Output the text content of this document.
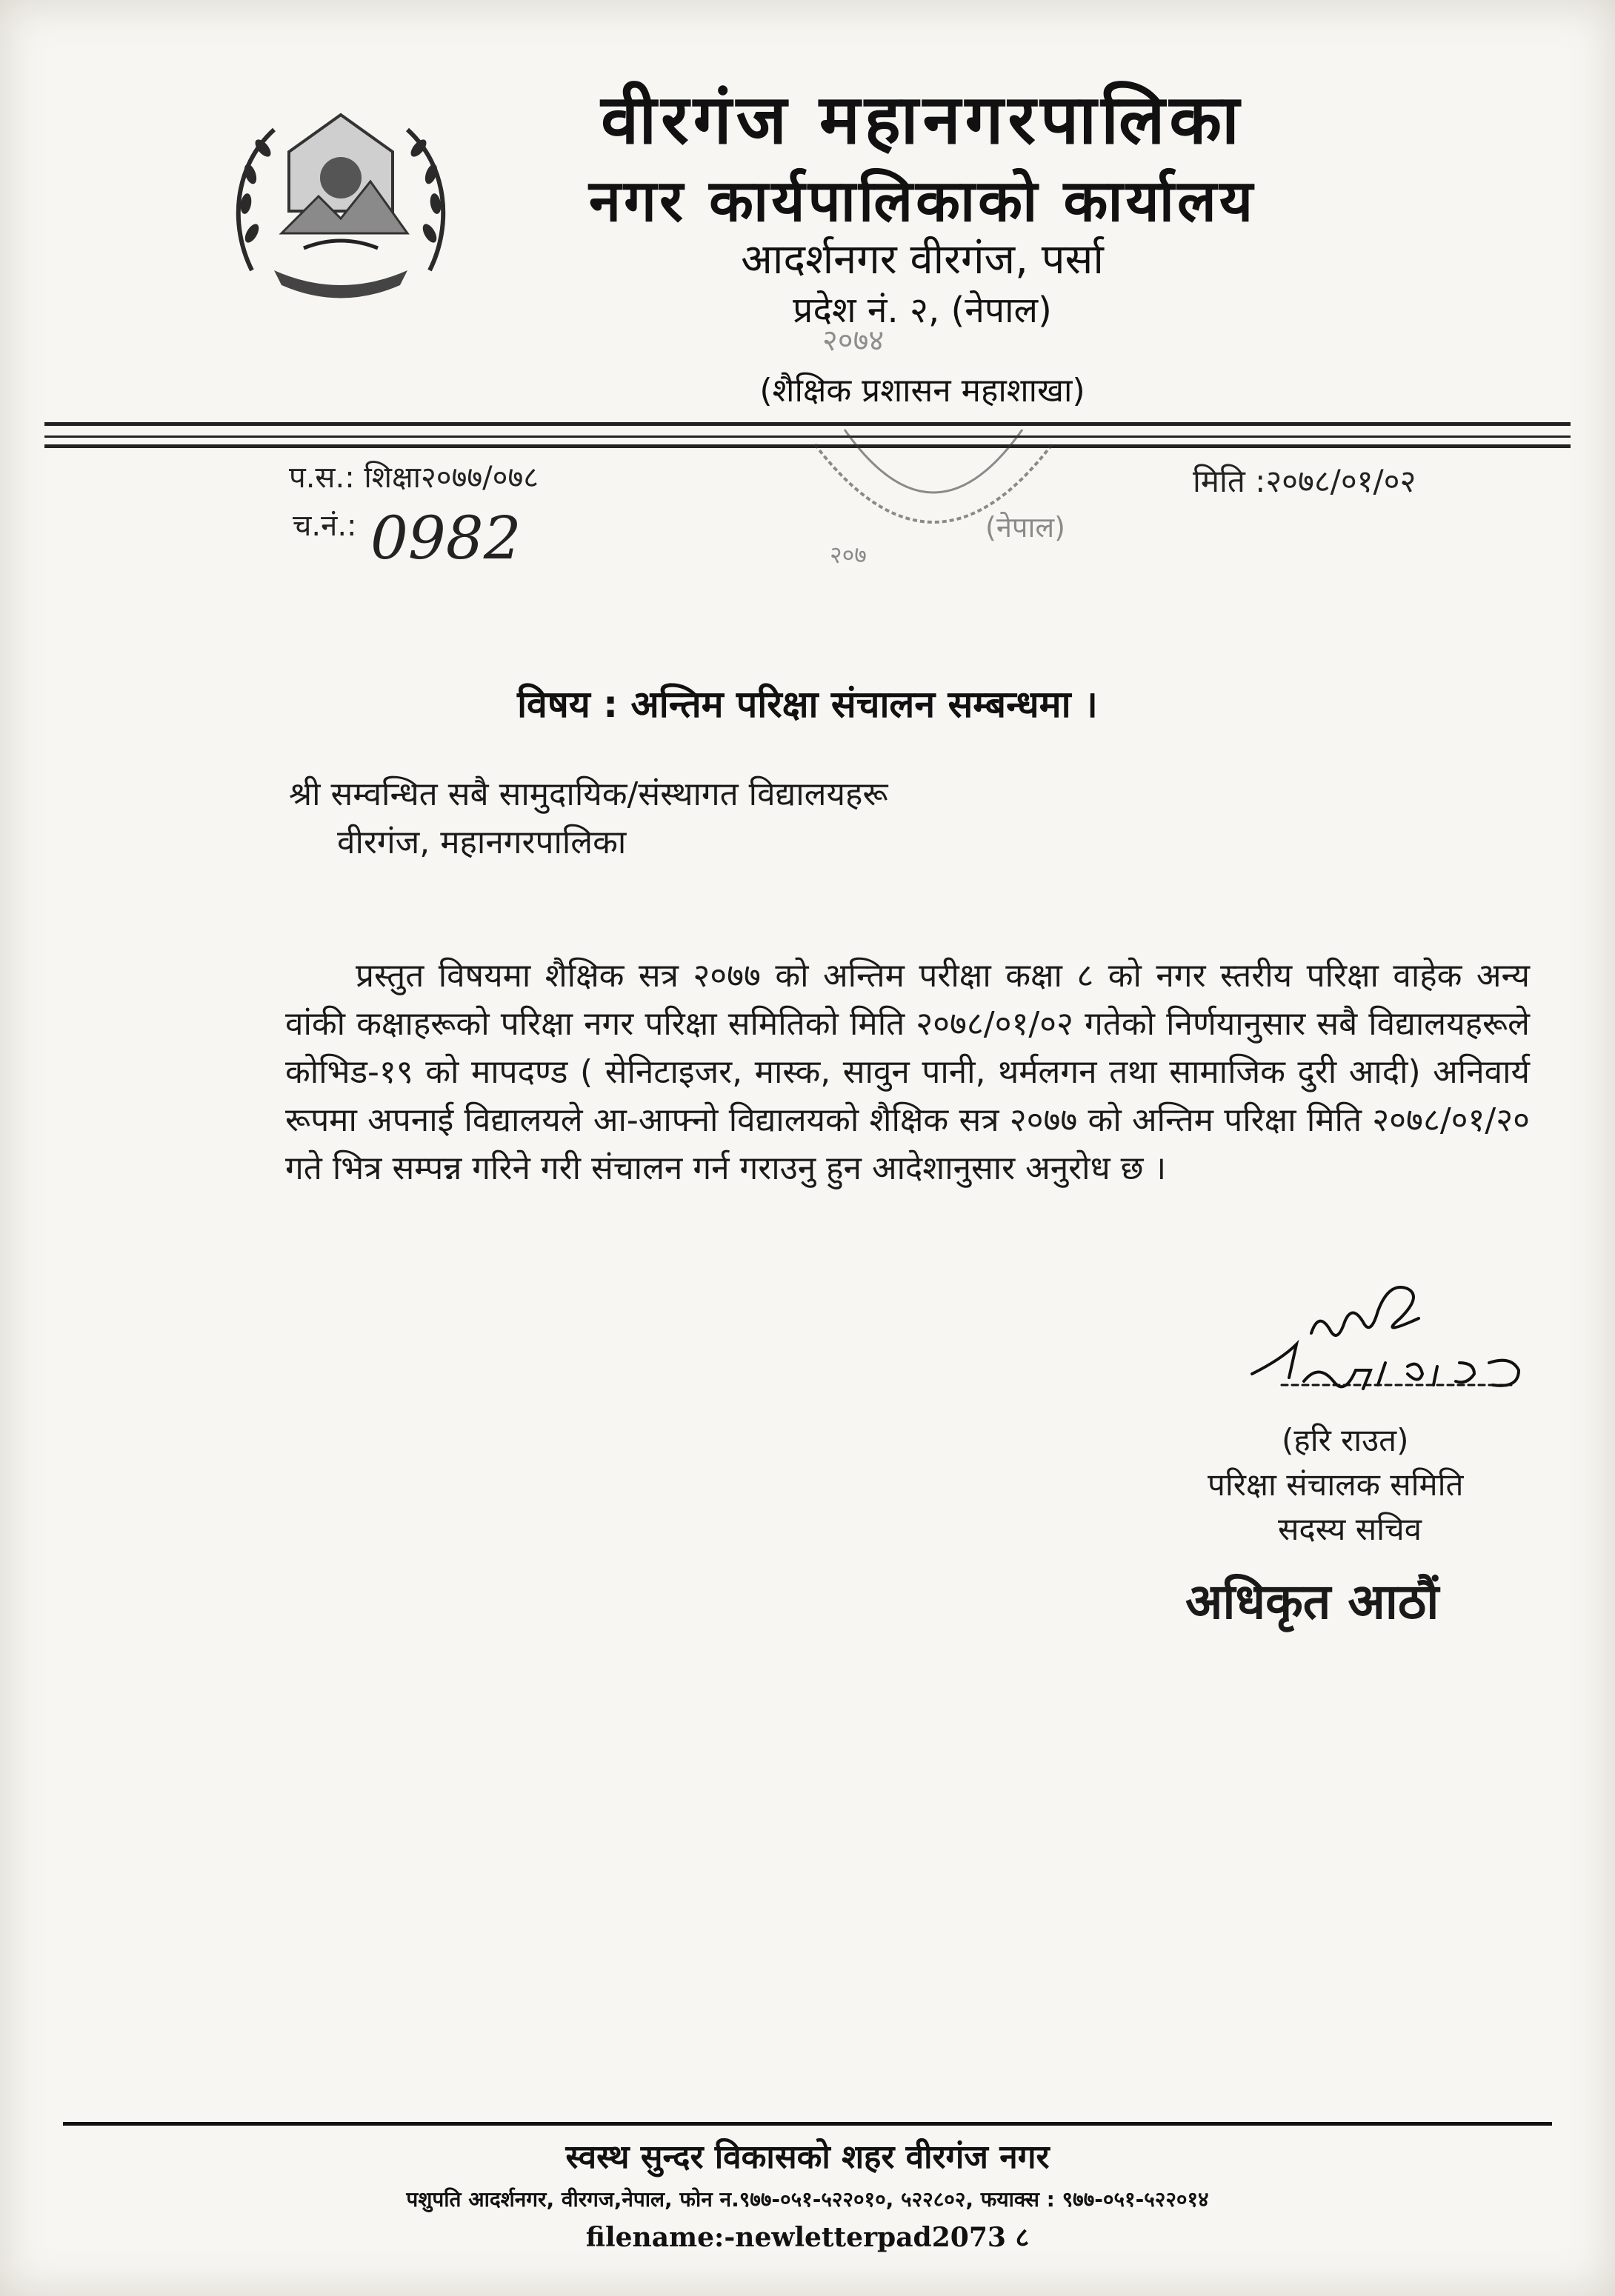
वीरगंज महानगरपालिका
नगर कार्यपालिकाको कार्यालय
आदर्शनगर वीरगंज, पर्सा
प्रदेश नं. २, (नेपाल)
२०७४
(शैक्षिक प्रशासन महाशाखा)
(नेपाल)
२०७
प.स.: शिक्षा२०७७/०७८	मिति :२०७८/०१/०२
च.नं.: 0982
विषय : अन्तिम परिक्षा संचालन सम्बन्धमा ।
श्री सम्वन्धित सबै सामुदायिक/संस्थागत विद्यालयहरू
वीरगंज, महानगरपालिका
प्रस्तुत विषयमा शैक्षिक सत्र २०७७ को अन्तिम परीक्षा कक्षा ८ को नगर स्तरीय परिक्षा वाहेक अन्य वांकी कक्षाहरूको परिक्षा नगर परिक्षा समितिको मिति २०७८/०१/०२ गतेको निर्णयानुसार सबै विद्यालयहरूले कोभिड-१९ को मापदण्ड ( सेनिटाइजर, मास्क, सावुन पानी, थर्मलगन तथा सामाजिक दुरी आदी) अनिवार्य रूपमा अपनाई विद्यालयले आ-आफ्नो विद्यालयको शैक्षिक सत्र २०७७ को अन्तिम परिक्षा मिति २०७८/०१/२० गते भित्र सम्पन्न गरिने गरी संचालन गर्न गराउनु हुन आदेशानुसार अनुरोध छ ।
(हरि राउत)
परिक्षा संचालक समिति
सदस्य सचिव
अधिकृत आठौं
स्वस्थ सुन्दर विकासको शहर वीरगंज नगर
पशुपति आदर्शनगर, वीरगज,नेपाल, फोन न.९७७-०५१-५२२०१०, ५२२८०२, फयाक्स : ९७७-०५१-५२२०१४
filename:-newletterpad2073 ८
